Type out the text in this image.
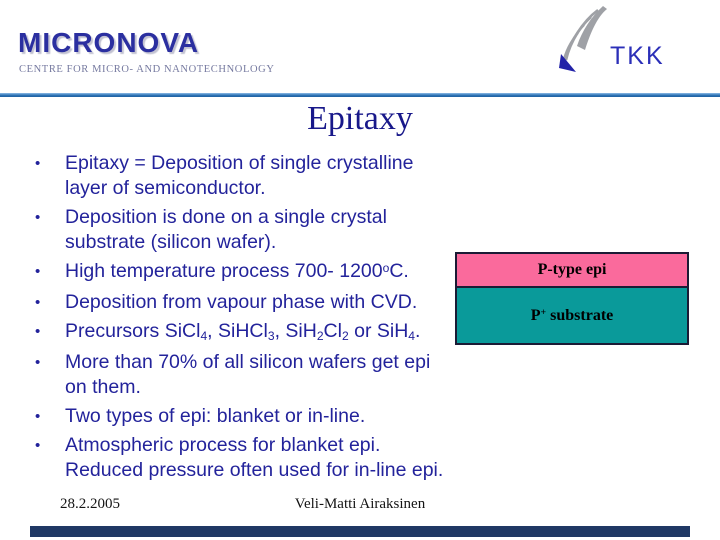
MICRONOVA
CENTRE FOR MICRO- AND NANOTECHNOLOGY	TKK
Epitaxy
•	Epitaxy = Deposition of single crystalline
layer of semiconductor.
•	Deposition is done on a single crystal
substrate (silicon wafer).
•	High temperature process 700- 1200$^o$C.
•	Deposition from vapour phase with CVD.
•	Precursors SiCl$_4$, SiHCl$_3$, $SiH_2Cl_2$ or SiH$_4$.
•	More than 70% of all silicon wafers get epi
on them.
•	Two types of epi: blanket or in-line.
•	Atmospheric process for blanket epi.
Reduced pressure often used for in-line epi.
P-type epi
P+ substrate
28.2.2005	Veli-Matti Airaksinen
